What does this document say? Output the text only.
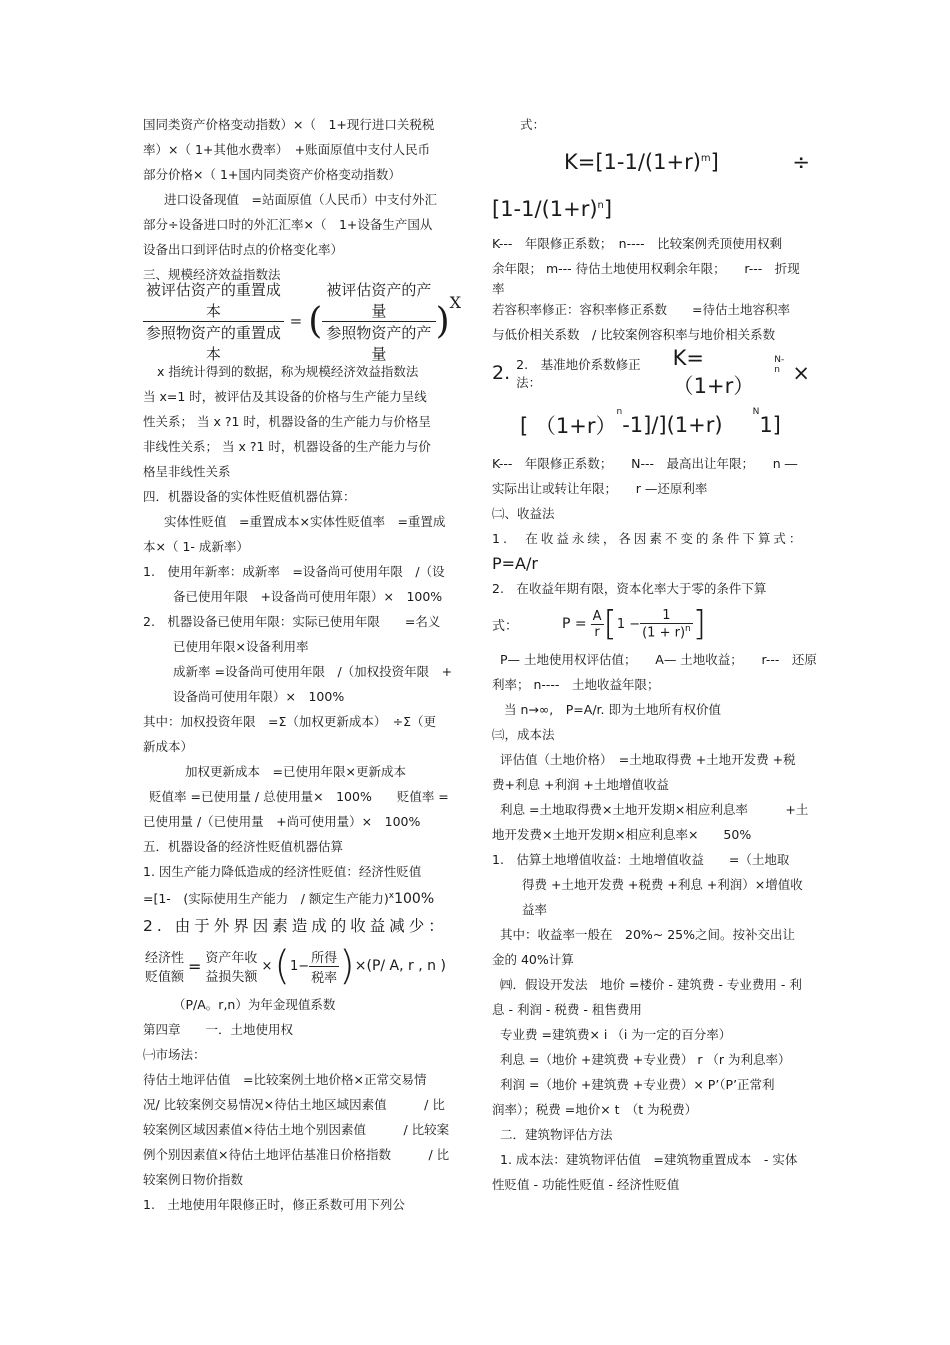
国同类资产价格变动指数）×（　1+现行进口关税税

率）×（ 1+其他水费率）　+账面原值中支付人民币

部分价格×（ 1+国内同类资产价格变动指数）

进口设备现值　=站面原值（人民币）中支付外汇

部分÷设备进口时的外汇汇率×（　1+设备生产国从

设备出口到评估时点的价格变化率）

三、规模经济效益指数法

$\frac{\text{被评估资产的重置成本}}{\text{参照物资产的重置成本}}$ = ( $\frac{\text{被评估资产的产量}}{\text{参照物资产的产量}}$ ) X

x 指统计得到的数据，称为规模经济效益指数法

当 x=1 时，被评估及其设备的价格与生产能力呈线

性关系； 当 x ?1 时，机器设备的生产能力与价格呈

非线性关系； 当 x ?1 时，机器设备的生产能力与价

格呈非线性关系

四．机器设备的实体性贬值机器估算：

实体性贬值　=重置成本×实体性贬值率　=重置成

本×（ 1- 成新率）

1.　使用年新率：成新率　=设备尚可使用年限　/（设

备已使用年限　+设备尚可使用年限）×　100%

2.　机器设备已使用年限：实际已使用年限　　=名义

已使用年限×设备利用率

成新率 =设备尚可使用年限　/（加权投资年限　+

设备尚可使用年限）×　100%

其中：加权投资年限　=Σ（加权更新成本）　÷Σ（更

新成本）

加权更新成本　=已使用年限×更新成本

贬值率 =已使用量 / 总使用量×　100%　　贬值率 =

已使用量 /（已使用量　+尚可使用量）×　100%

五．机器设备的经济性贬值机器估算

1. 因生产能力降低造成的经济性贬值：经济性贬值

=[1-　(实际使用生产能力　/ 额定生产能力)$^x$100%

2. 由于外界因素造成的收益减少：

经济性
贬值额
= 资产年收
益损失额
× ( $1- \frac{\text{所得}}{\text{税率}}$ ) ×(P/ A, r , n )

（P/A。r,n）为年金现值系数

第四章　　一．土地使用权

㈠市场法：

待估土地评估值　=比较案例土地价格×正常交易情

况/ 比较案例交易情况×待估土地区域因素值　　　/ 比

较案例区域因素值×待估土地个别因素值　　　/ 比较案

例个别因素值×待估土地评估基准日价格指数　　　/ 比

较案例日物价指数

1.　土地使用年限修正时，修正系数可用下列公

式：

$K=[1-1/(1+r)^m]$	÷
$[1-1/(1+r)^n]$

K---　年限修正系数；　n----　比较案例秃顶使用权剩

余年限； m--- 待估土地使用权剩余年限；　　r---　折现

率

若容积率修正：容积率修正系数　　=待估土地容积率

与低价相关系数　/ 比较案例容积率与地价相关系数

2. 2.　基准地价系数修正法：
K=（1+r）
$^{N-n}$ ×
[ （1+r）
$^n$
-1]/](1+r)
$^N$
1]

K---　年限修正系数；　　N---　最高出让年限；　　n ―

实际出让或转让年限；　　r —还原利率

㈡、收益法

1.　在收益永续，各因素不变的条件下算式：

P=A/r

2.　在收益年期有限，资本化率大于零的条件下算

式：	$P = \frac{A}{r}$ [ $1 - \frac{1}{(1 + r)^n}$ ]

P— 土地使用权评估值；　　A— 土地收益；　　r---　还原

利率； n----　土地收益年限；

当 n→∞,　P=A/r. 即为土地所有权价值

㈢，成本法

评估值（土地价格）　=土地取得费 +土地开发费 +税

费+利息 +利润 +土地增值收益

利息 =土地取得费×土地开发期×相应利息率　　　+土

地开发费×土地开发期×相应利息率×　　50%

1.　估算土地增值收益：土地增值收益　　=（土地取

得费 +土地开发费 +税费 +利息 +利润）×增值收

益率

其中：收益率一般在　20%~ 25%之间。按补交出让

金的 40%计算

㈣．假设开发法　地价 =楼价 - 建筑费 - 专业费用 - 利

息 - 利润 - 税费 - 租售费用

专业费 =建筑费× i （i 为一定的百分率）

利息 =（地价 +建筑费 +专业费） r （r 为利息率）

利润 =（地价 +建筑费 +专业费）× P’（P’正常利

润率）；税费 =地价× t　（t 为税费）

二．建筑物评估方法

1. 成本法：建筑物评估值　=建筑物重置成本　- 实体

性贬值 - 功能性贬值 - 经济性贬值
